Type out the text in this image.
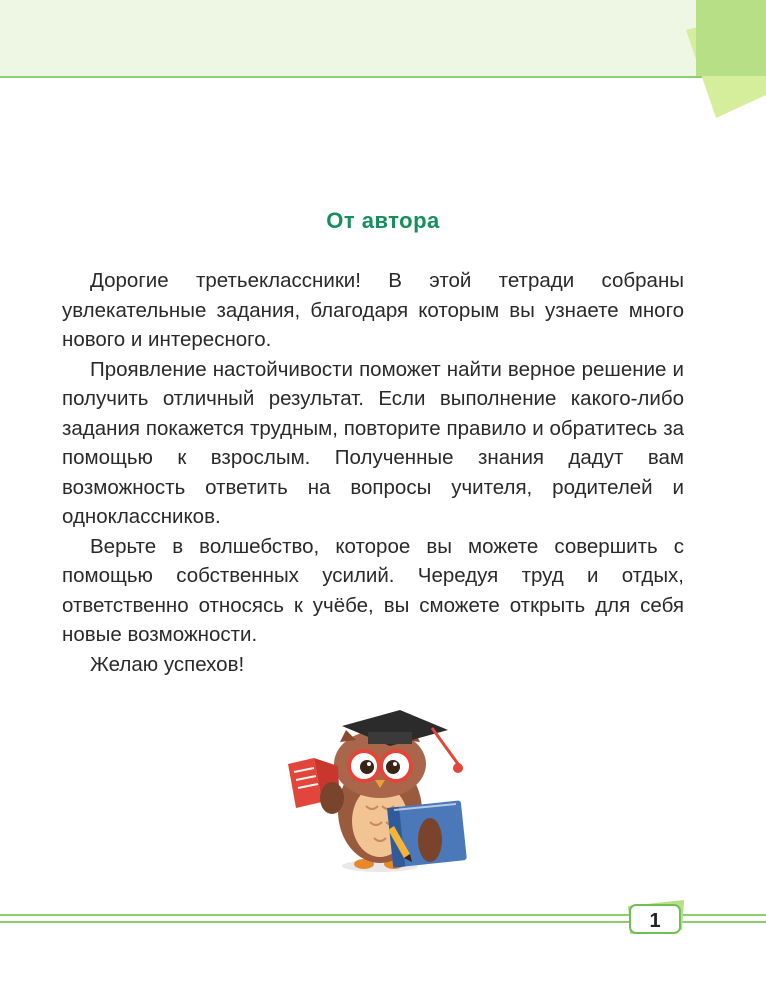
От автора

Дорогие третьеклассники! В этой тетради собраны увлекательные задания, благодаря которым вы узнаете много нового и интересного.

Проявление настойчивости поможет найти верное решение и получить отличный результат. Если выполнение какого-либо задания покажется трудным, повторите правило и обратитесь за помощью к взрослым. Полученные знания дадут вам возможность ответить на вопросы учителя, родителей и одноклассников.

Верьте в волшебство, которое вы можете совершить с помощью собственных усилий. Чередуя труд и отдых, ответственно относясь к учёбе, вы сможете открыть для себя новые возможности.

Желаю успехов!

1
